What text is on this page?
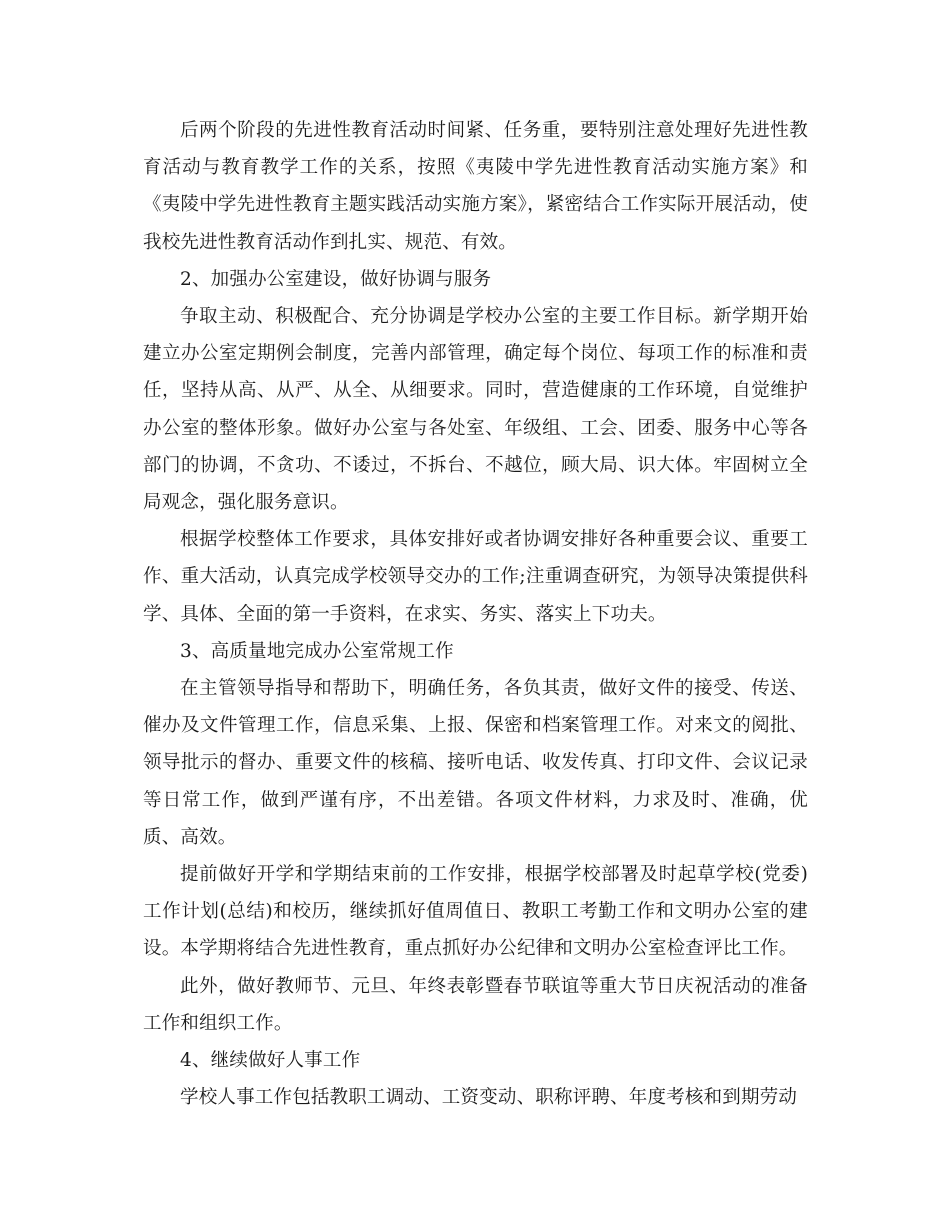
后两个阶段的先进性教育活动时间紧、任务重，要特别注意处理好先进性教育活动与教育教学工作的关系，按照《夷陵中学先进性教育活动实施方案》和《夷陵中学先进性教育主题实践活动实施方案》，紧密结合工作实际开展活动，使我校先进性教育活动作到扎实、规范、有效。

2、加强办公室建设，做好协调与服务

争取主动、积极配合、充分协调是学校办公室的主要工作目标。新学期开始建立办公室定期例会制度，完善内部管理，确定每个岗位、每项工作的标准和责任，坚持从高、从严、从全、从细要求。同时，营造健康的工作环境，自觉维护办公室的整体形象。做好办公室与各处室、年级组、工会、团委、服务中心等各部门的协调，不贪功、不诿过，不拆台、不越位，顾大局、识大体。牢固树立全局观念，强化服务意识。

根据学校整体工作要求，具体安排好或者协调安排好各种重要会议、重要工作、重大活动，认真完成学校领导交办的工作;注重调查研究，为领导决策提供科学、具体、全面的第一手资料，在求实、务实、落实上下功夫。

3、高质量地完成办公室常规工作

在主管领导指导和帮助下，明确任务，各负其责，做好文件的接受、传送、催办及文件管理工作，信息采集、上报、保密和档案管理工作。对来文的阅批、领导批示的督办、重要文件的核稿、接听电话、收发传真、打印文件、会议记录等日常工作，做到严谨有序，不出差错。各项文件材料，力求及时、准确，优质、高效。

提前做好开学和学期结束前的工作安排，根据学校部署及时起草学校(党委)工作计划(总结)和校历，继续抓好值周值日、教职工考勤工作和文明办公室的建设。本学期将结合先进性教育，重点抓好办公纪律和文明办公室检查评比工作。

此外，做好教师节、元旦、年终表彰暨春节联谊等重大节日庆祝活动的准备工作和组织工作。

4、继续做好人事工作

学校人事工作包括教职工调动、工资变动、职称评聘、年度考核和到期劳动
